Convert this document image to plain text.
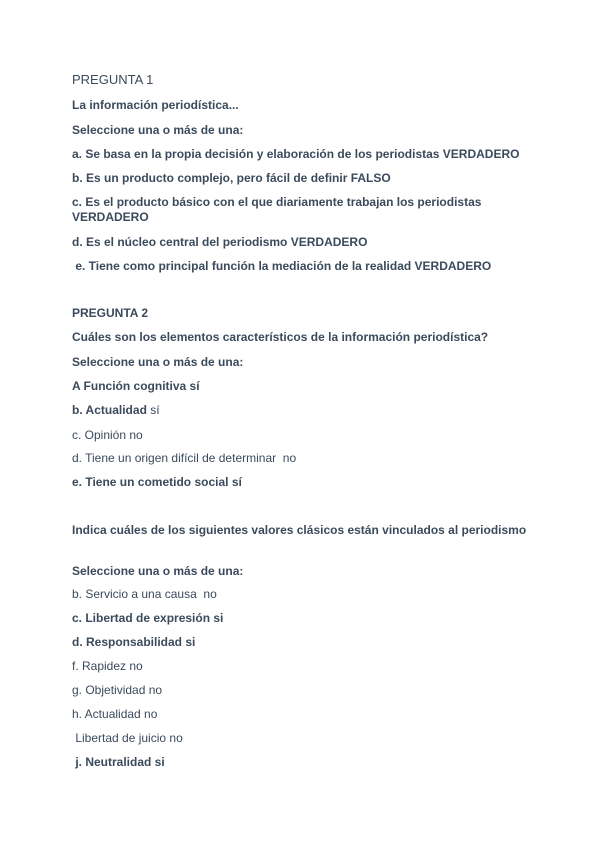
PREGUNTA 1
La información periodística...
Seleccione una o más de una:
a. Se basa en la propia decisión y elaboración de los periodistas VERDADERO
b. Es un producto complejo, pero fácil de definir FALSO
c. Es el producto básico con el que diariamente trabajan los periodistas VERDADERO
d. Es el núcleo central del periodismo VERDADERO
e. Tiene como principal función la mediación de la realidad VERDADERO
PREGUNTA 2
Cuáles son los elementos característicos de la información periodística?
Seleccione una o más de una:
A Función cognitiva sí
b. Actualidad sí
c. Opinión no
d. Tiene un origen difícil de determinar  no
e. Tiene un cometido social sí
Indica cuáles de los siguientes valores clásicos están vinculados al periodismo
Seleccione una o más de una:
b. Servicio a una causa  no
c. Libertad de expresión si
d. Responsabilidad si
f. Rapidez no
g. Objetividad no
h. Actualidad no
Libertad de juicio no
j. Neutralidad si
